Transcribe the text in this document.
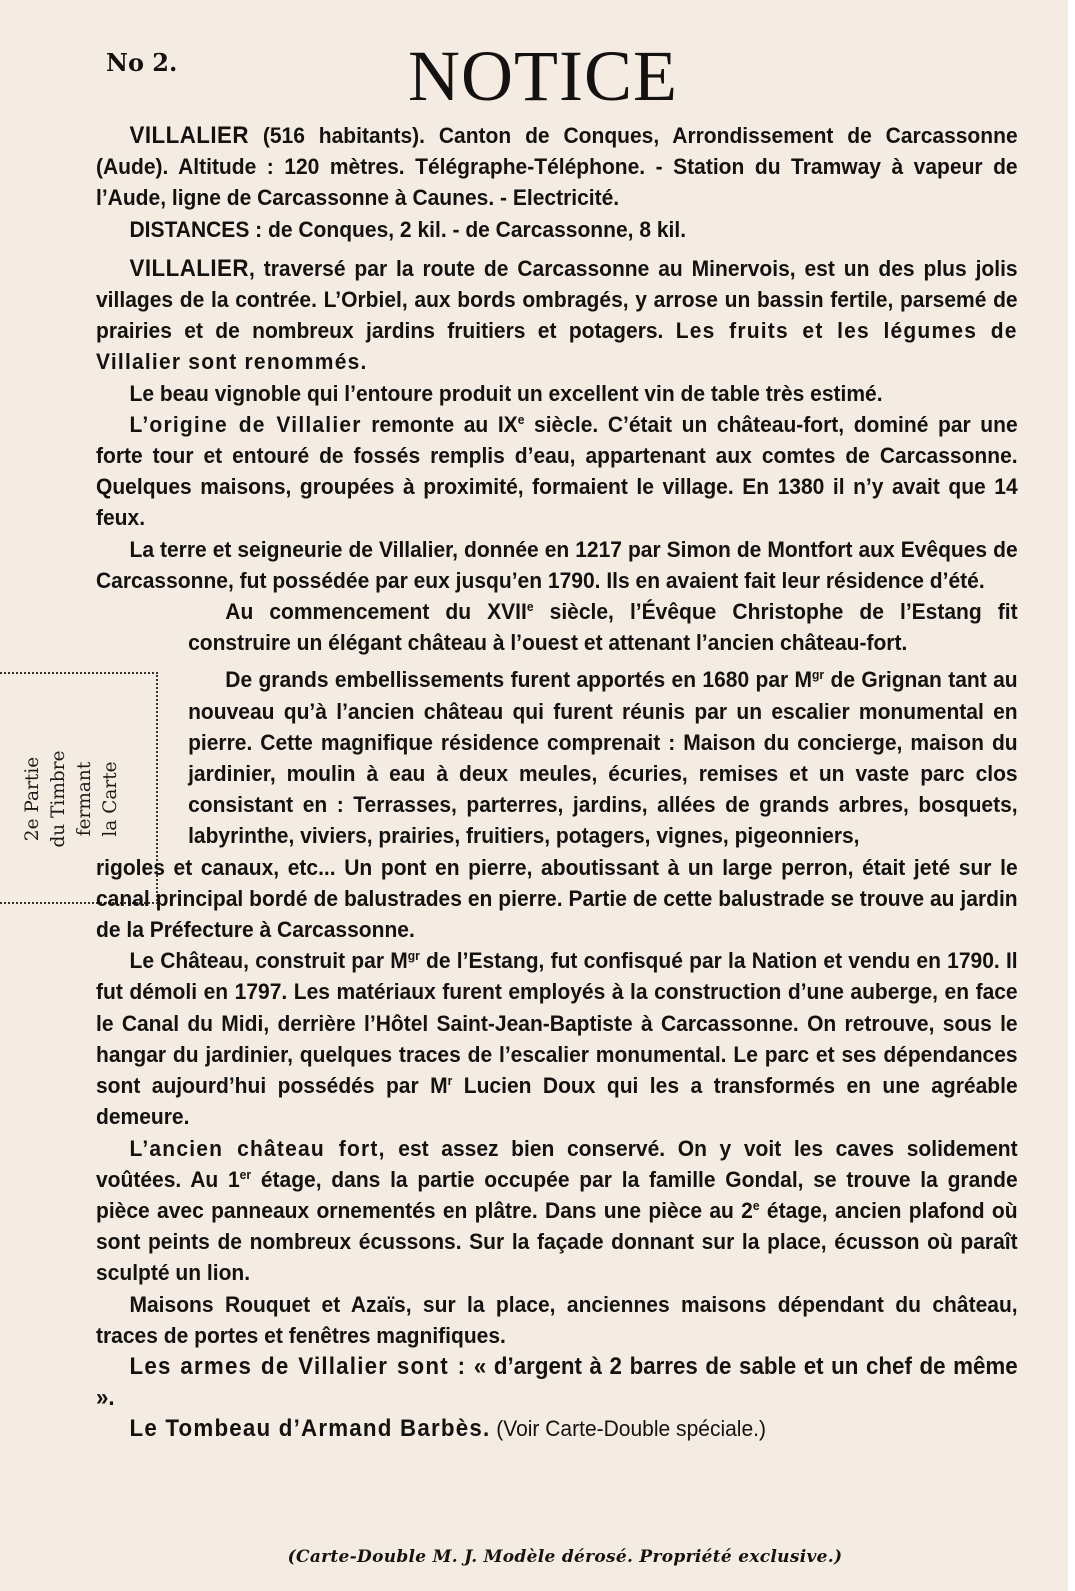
No 2.	NOTICE
2e Partie du Timbre fermant la Carte

VILLALIER (516 habitants). Canton de Conques, Arrondissement de Carcassonne (Aude). Altitude : 120 mètres. Télégraphe-Téléphone. - Station du Tramway à vapeur de l’Aude, ligne de Carcassonne à Caunes. - Electricité.

DISTANCES : de Conques, 2 kil. - de Carcassonne, 8 kil.

VILLALIER, traversé par la route de Carcassonne au Minervois, est un des plus jolis villages de la contrée. L’Orbiel, aux bords ombragés, y arrose un bassin fertile, parsemé de prairies et de nombreux jardins fruitiers et potagers. Les fruits et les légumes de Villalier sont renommés.

Le beau vignoble qui l’entoure produit un excellent vin de table très estimé.

L’origine de Villalier remonte au IXe siècle. C’était un château-fort, dominé par une forte tour et entouré de fossés remplis d’eau, appartenant aux comtes de Carcassonne. Quelques maisons, groupées à proximité, formaient le village. En 1380 il n’y avait que 14 feux.

La terre et seigneurie de Villalier, donnée en 1217 par Simon de Montfort aux Evêques de Carcassonne, fut possédée par eux jusqu’en 1790. Ils en avaient fait leur résidence d’été.

Au commencement du XVIIe siècle, l’Évêque Christophe de l’Estang fit construire un élégant château à l’ouest et attenant l’ancien château-fort.

De grands embellissements furent apportés en 1680 par $M^{gr}$ de Grignan tant au nouveau qu’à l’ancien château qui furent réunis par un escalier monumental en pierre. Cette magnifique résidence comprenait : Maison du concierge, maison du jardinier, moulin à eau à deux meules, écuries, remises et un vaste parc clos consistant en : Terrasses, parterres, jardins, allées de grands arbres, bosquets, labyrinthe, viviers, prairies, fruitiers, potagers, vignes, pigeonniers,

rigoles et canaux, etc... Un pont en pierre, aboutissant à un large perron, était jeté sur le canal principal bordé de balustrades en pierre. Partie de cette balustrade se trouve au jardin de la Préfecture à Carcassonne.

Le Château, construit par $M^{gr}$ de l’Estang, fut confisqué par la Nation et vendu en 1790. Il fut démoli en 1797. Les matériaux furent employés à la construction d’une auberge, en face le Canal du Midi, derrière l’Hôtel Saint-Jean-Baptiste à Carcassonne. On retrouve, sous le hangar du jardinier, quelques traces de l’escalier monumental. Le parc et ses dépendances sont aujourd’hui possédés par $M^r$ Lucien Doux qui les a transformés en une agréable demeure.

L’ancien château fort, est assez bien conservé. On y voit les caves solidement voûtées. Au 1er étage, dans la partie occupée par la famille Gondal, se trouve la grande pièce avec panneaux ornementés en plâtre. Dans une pièce au 2e étage, ancien plafond où sont peints de nombreux écussons. Sur la façade donnant sur la place, écusson où paraît sculpté un lion.

Maisons Rouquet et Azaïs, sur la place, anciennes maisons dépendant du château, traces de portes et fenêtres magnifiques.

Les armes de Villalier sont : « d’argent à 2 barres de sable et un chef de même ».

Le Tombeau d’Armand Barbès. (Voir Carte-Double spéciale.)

(Carte-Double M. J. Modèle dérosé. Propriété exclusive.)
